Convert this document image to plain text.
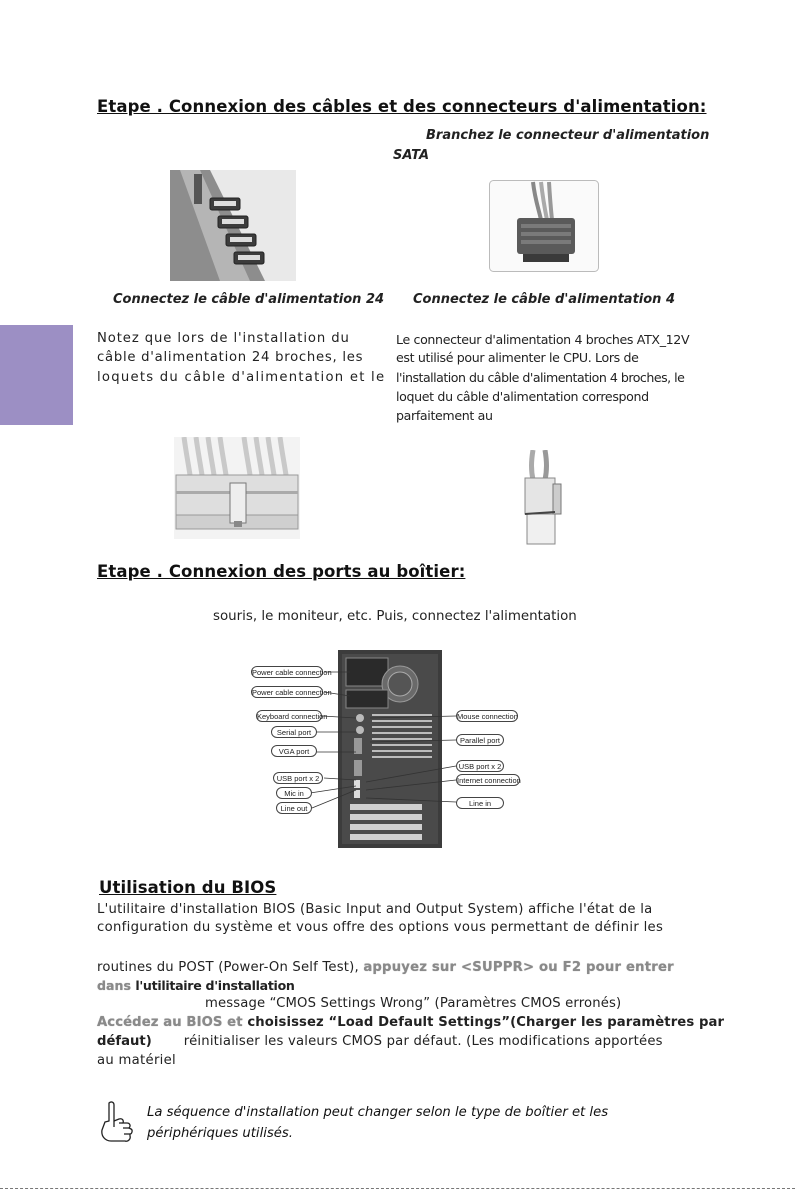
Etape . Connexion des câbles et des connecteurs d'alimentation:
Branchez le connecteur d'alimentation
SATA
Connectez le câble d'alimentation 24 Connectez le câble d'alimentation 4
Notez que lors de l'installation du
câble d'alimentation 24 broches, les
loquets du câble d'alimentation et le
Le connecteur d'alimentation 4 broches ATX_12V
est utilisé pour alimenter le CPU. Lors de
l'installation du câble d'alimentation 4 broches, le
loquet du câble d'alimentation correspond
parfaitement au
Etape . Connexion des ports au boîtier:
souris, le moniteur, etc. Puis, connectez l'alimentation
Power cable connection
Power cable connection
Keyboard connection
Serial port
VGA port
USB port x 2
Mic in
Line out
Mouse connection
Parallel port
USB port x 2
Internet connection
Line in
Utilisation du BIOS
L'utilitaire d'installation BIOS (Basic Input and Output System) affiche l'état de la
configuration du système et vous offre des options vous permettant de définir les
routines du POST (Power-On Self Test), appuyez sur <SUPPR> ou F2 pour entrer
dans l'utilitaire d'installation
message “CMOS Settings Wrong” (Paramètres CMOS erronés)
Accédez au BIOS et choisissez “Load Default Settings”(Charger les paramètres par
défaut) réinitialiser les valeurs CMOS par défaut. (Les modifications apportées
au matériel
La séquence d'installation peut changer selon le type de boîtier et les
périphériques utilisés.
